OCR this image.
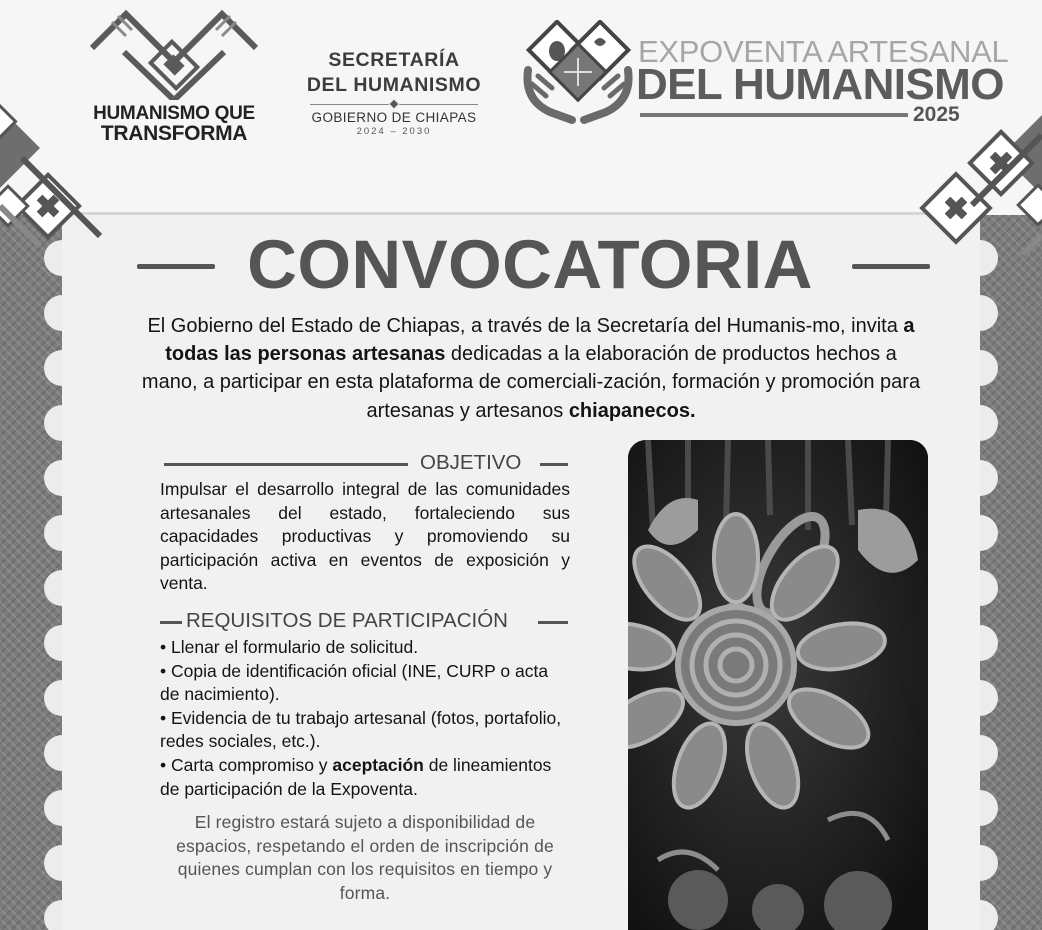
HUMANISMO QUE
TRANSFORMA
SECRETARÍA
DEL HUMANISMO
GOBIERNO DE CHIAPAS
2024 – 2030
EXPOVENTA ARTESANAL
DEL HUMANISMO
2025
CONVOCATORIA

El Gobierno del Estado de Chiapas, a través de la Secretaría del Humanis-mo, invita a todas las personas artesanas dedicadas a la elaboración de productos hechos a mano, a participar en esta plataforma de comerciali-zación, formación y promoción para artesanas y artesanos chiapanecos.

OBJETIVO

Impulsar el desarrollo integral de las comunidades artesanales del estado, fortaleciendo sus capacidades productivas y promoviendo su participación activa en eventos de exposición y venta.

REQUISITOS DE PARTICIPACIÓN
• Llenar el formulario de solicitud.
• Copia de identificación oficial (INE, CURP o acta de nacimiento).
• Evidencia de tu trabajo artesanal (fotos, portafolio, redes sociales, etc.).
• Carta compromiso y aceptación de lineamientos de participación de la Expoventa.

El registro estará sujeto a disponibilidad de espacios, respetando el orden de inscripción de quienes cumplan con los requisitos en tiempo y forma.
